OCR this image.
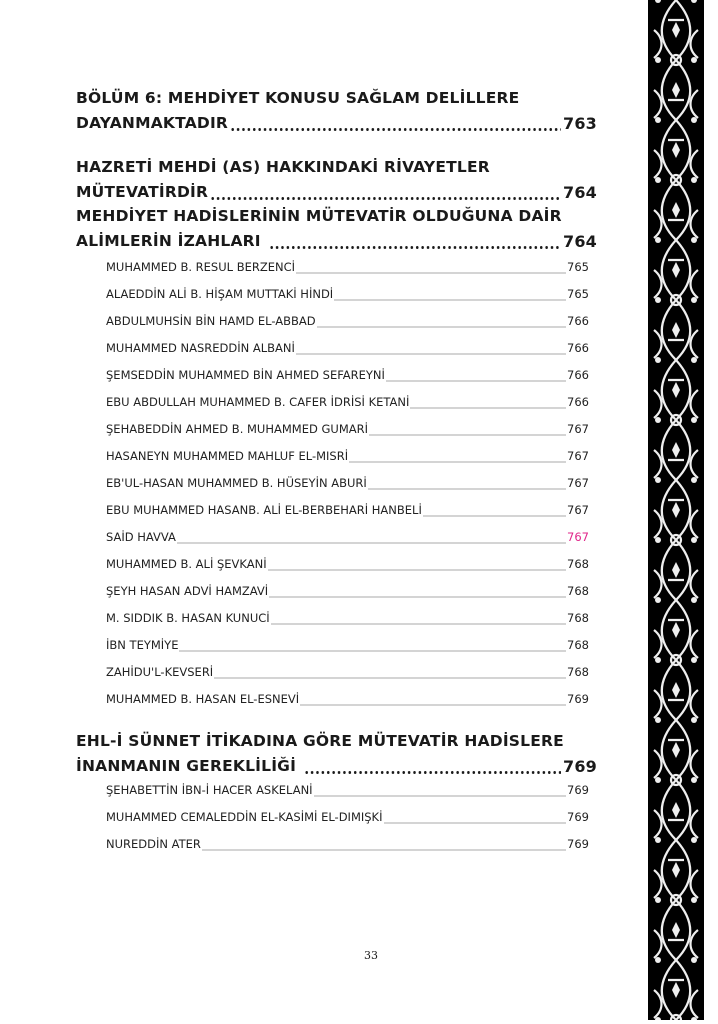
BÖLÜM 6: MEHDİYET KONUSU SAĞLAM DELİLLERE
DAYANMAKTADIR	763
HAZRETİ MEHDİ (AS) HAKKINDAKİ RİVAYETLER
MÜTEVATİRDİR	764
MEHDİYET HADİSLERİNİN MÜTEVATİR OLDUĞUNA DAİR
ALİMLERİN İZAHLARI	764
MUHAMMED B. RESUL BERZENCİ	765
ALAEDDİN ALİ B. HİŞAM MUTTAKİ HİNDİ	765
ABDULMUHSİN BİN HAMD EL-ABBAD	766
MUHAMMED NASREDDİN ALBANİ	766
ŞEMSEDDİN MUHAMMED BİN AHMED SEFAREYNİ	766
EBU ABDULLAH MUHAMMED B. CAFER İDRİSİ KETANİ	766
ŞEHABEDDİN AHMED B. MUHAMMED GUMARİ	767
HASANEYN MUHAMMED MAHLUF EL-MISRİ	767
EB'UL-HASAN MUHAMMED B. HÜSEYİN ABURİ	767
EBU MUHAMMED HASANB. ALİ EL-BERBEHARİ HANBELİ	767
SAİD HAVVA	767
MUHAMMED B. ALİ ŞEVKANİ	768
ŞEYH HASAN ADVİ HAMZAVİ	768
M. SIDDIK B. HASAN KUNUCİ	768
İBN TEYMİYE	768
ZAHİDU'L-KEVSERİ	768
MUHAMMED B. HASAN EL-ESNEVİ	769
EHL-İ SÜNNET İTİKADINA GÖRE MÜTEVATİR HADİSLERE
İNANMANIN GEREKLİLİĞİ	769
ŞEHABETTİN İBN-İ HACER ASKELANİ	769
MUHAMMED CEMALEDDİN EL-KASİMİ EL-DIMIŞKİ	769
NUREDDİN ATER	769
33
